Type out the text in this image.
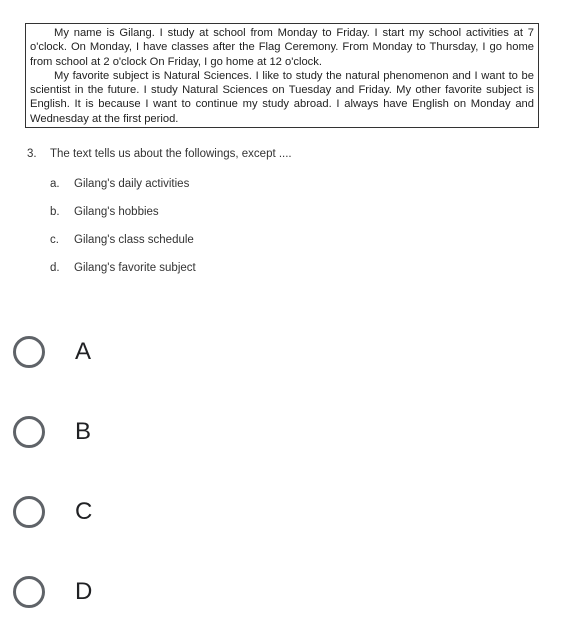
My name is Gilang. I study at school from Monday to Friday. I start my school activities at 7 o'clock. On Monday, I have classes after the Flag Ceremony. From Monday to Thursday, I go home from school at 2 o'clock On Friday, I go home at 12 o'clock.

My favorite subject is Natural Sciences. I like to study the natural phenomenon and I want to be scientist in the future. I study Natural Sciences on Tuesday and Friday. My other favorite subject is English. It is because I want to continue my study abroad. I always have English on Monday and Wednesday at the first period.

3. The text tells us about the followings, except ....
a. Gilang's daily activities
b. Gilang's hobbies
c. Gilang's class schedule
d. Gilang's favorite subject
A
B
C
D
